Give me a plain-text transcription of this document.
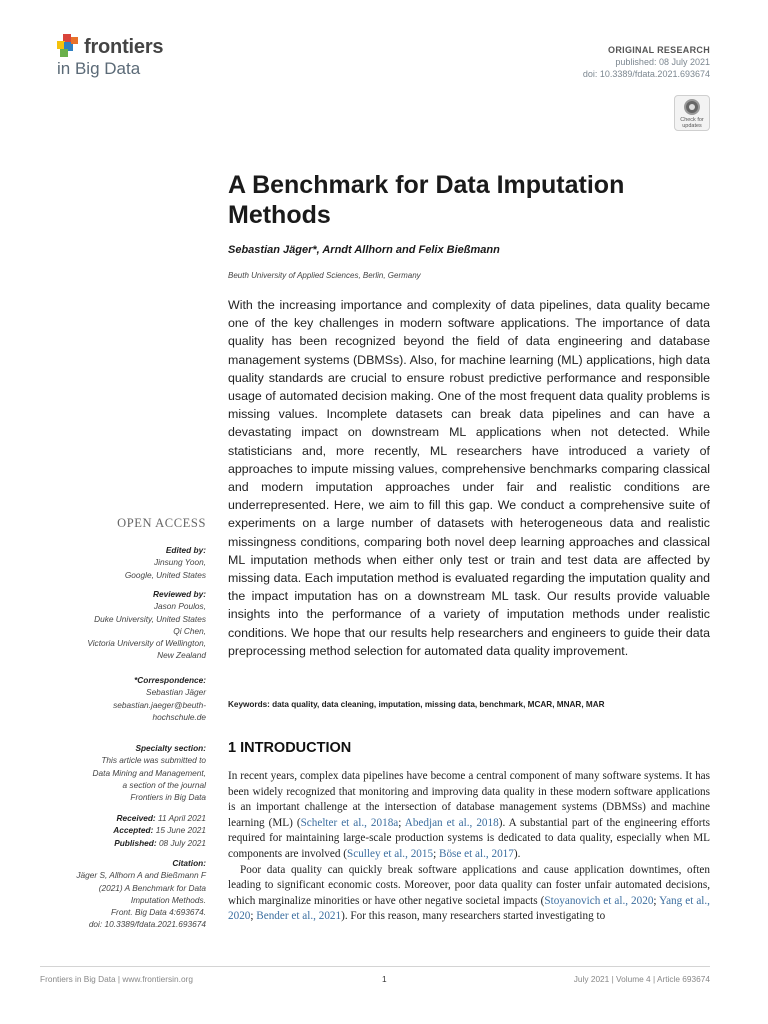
frontiers
in Big Data
ORIGINAL RESEARCH
published: 08 July 2021
doi: 10.3389/fdata.2021.693674
Check for
updates
A Benchmark for Data Imputation
Methods
Sebastian Jäger*, Arndt Allhorn and Felix Bießmann
Beuth University of Applied Sciences, Berlin, Germany
With the increasing importance and complexity of data pipelines, data quality became one of the key challenges in modern software applications. The importance of data quality has been recognized beyond the field of data engineering and database management systems (DBMSs). Also, for machine learning (ML) applications, high data quality standards are crucial to ensure robust predictive performance and responsible usage of automated decision making. One of the most frequent data quality problems is missing values. Incomplete datasets can break data pipelines and can have a devastating impact on downstream ML applications when not detected. While statisticians and, more recently, ML researchers have introduced a variety of approaches to impute missing values, comprehensive benchmarks comparing classical and modern imputation approaches under fair and realistic conditions are underrepresented. Here, we aim to fill this gap. We conduct a comprehensive suite of experiments on a large number of datasets with heterogeneous data and realistic missingness conditions, comparing both novel deep learning approaches and classical ML imputation methods when either only test or train and test data are affected by missing data. Each imputation method is evaluated regarding the imputation quality and the impact imputation has on a downstream ML task. Our results provide valuable insights into the performance of a variety of imputation methods under realistic conditions. We hope that our results help researchers and engineers to guide their data preprocessing method selection for automated data quality improvement.
Keywords: data quality, data cleaning, imputation, missing data, benchmark, MCAR, MNAR, MAR
OPEN ACCESS
Edited by:
Jinsung Yoon,
Google, United States
Reviewed by:
Jason Poulos,
Duke University, United States
Qi Chen,
Victoria University of Wellington,
New Zealand
*Correspondence:
Sebastian Jäger
sebastian.jaeger@beuth-
hochschule.de
Specialty section:
This article was submitted to
Data Mining and Management,
a section of the journal
Frontiers in Big Data
Received: 11 April 2021
Accepted: 15 June 2021
Published: 08 July 2021
Citation:
Jäger S, Allhorn A and Bießmann F
(2021) A Benchmark for Data
Imputation Methods.
Front. Big Data 4:693674.
doi: 10.3389/fdata.2021.693674
1 INTRODUCTION

In recent years, complex data pipelines have become a central component of many software systems. It has been widely recognized that monitoring and improving data quality in these modern software applications is an important challenge at the intersection of database management systems (DBMSs) and machine learning (ML) (Schelter et al., 2018a; Abedjan et al., 2018). A substantial part of the engineering efforts required for maintaining large-scale production systems is dedicated to data quality, especially when ML components are involved (Sculley et al., 2015; Böse et al., 2017).

Poor data quality can quickly break software applications and cause application downtimes, often leading to significant economic costs. Moreover, poor data quality can foster unfair automated decisions, which marginalize minorities or have other negative societal impacts (Stoyanovich et al., 2020; Yang et al., 2020; Bender et al., 2021). For this reason, many researchers started investigating to

Frontiers in Big Data | www.frontiersin.org	1	July 2021 | Volume 4 | Article 693674
